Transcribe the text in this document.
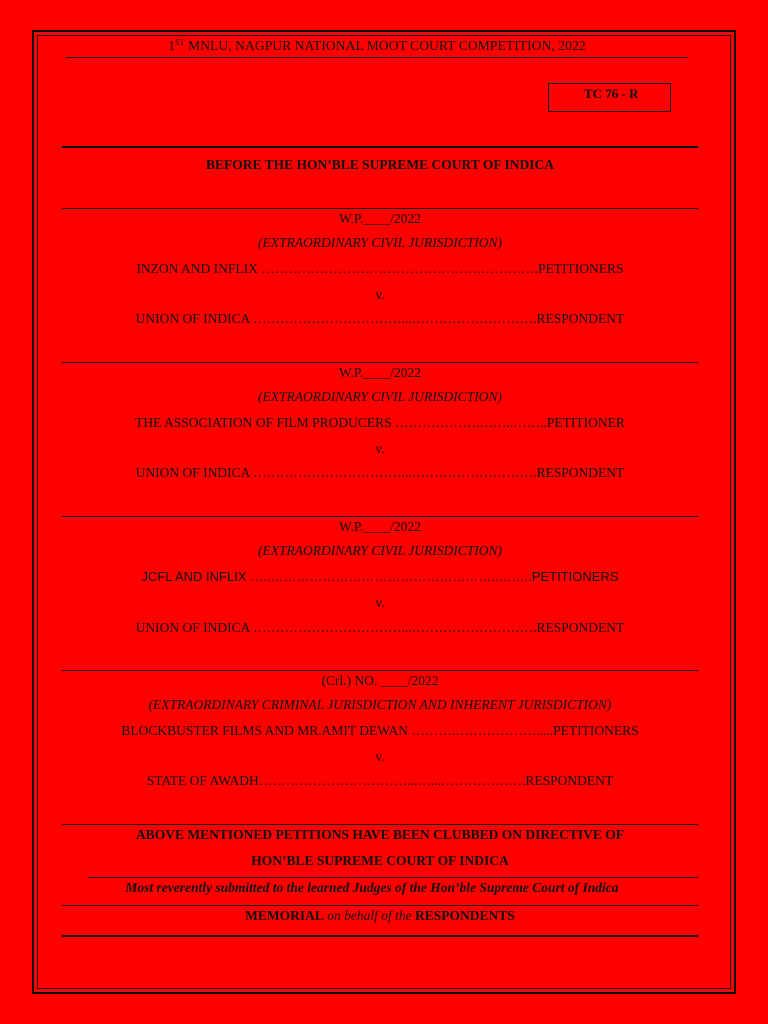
1ST MNLU, NAGPUR NATIONAL MOOT COURT COMPETITION, 2022
TC 76 - R
BEFORE THE HON’BLE SUPREME COURT OF INDICA
W.P.____/2022
(EXTRAORDINARY CIVIL JURISDICTION)
INZON AND INFLIX ………………………………………….………….PETITIONERS
v.
UNION OF INDICA ……………………………...……………………….RESPONDENT
W.P.____/2022
(EXTRAORDINARY CIVIL JURISDICTION)
THE ASSOCIATION OF FILM PRODUCERS ……………….……..……..PETITIONER
v.
UNION OF INDICA ……………………………...……………………….RESPONDENT
W.P.____/2022
(EXTRAORDINARY CIVIL JURISDICTION)
JCFL AND INFLIX …..……………………………………………..……..PETITIONERS
v.
UNION OF INDICA ……………………………...……………………….RESPONDENT
(Crl.) NO. ____/2022
(EXTRAORDINARY CRIMINAL JURISDICTION AND INHERENT JURISDICTION)
BLOCKBUSTER FILMS AND MR.AMIT DEWAN ……….……………….....PETITIONERS
v.
STATE OF AWADH……………………………...…...……………….RESPONDENT
ABOVE MENTIONED PETITIONS HAVE BEEN CLUBBED ON DIRECTIVE OF
HON’BLE SUPREME COURT OF INDICA
Most reverently submitted to the learned Judges of the Hon’ble Supreme Court of Indica
MEMORIAL on behalf of the RESPONDENTS
